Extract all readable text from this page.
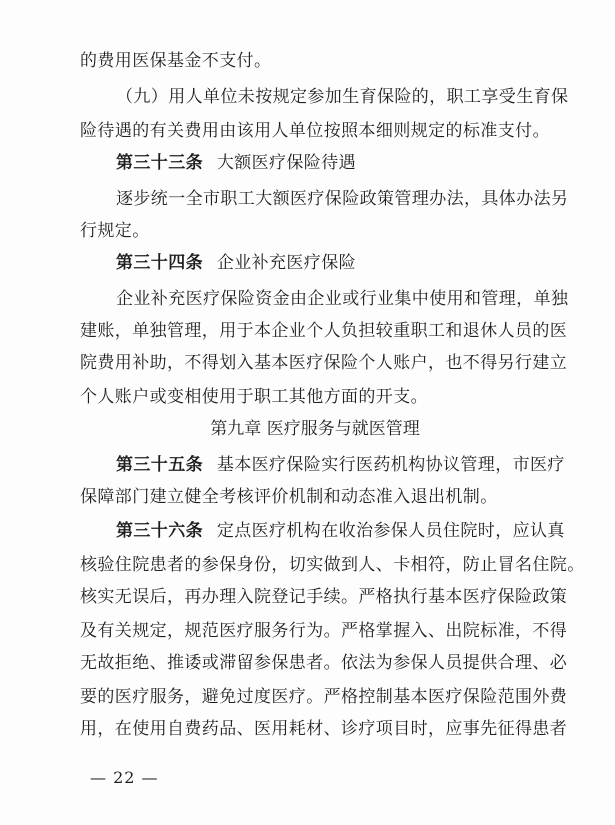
的费用医保基金不支付。
（九）用人单位未按规定参加生育保险的，职工享受生育保
险待遇的有关费用由该用人单位按照本细则规定的标准支付。
第三十三条 大额医疗保险待遇
逐步统一全市职工大额医疗保险政策管理办法，具体办法另
行规定。
第三十四条 企业补充医疗保险
企业补充医疗保险资金由企业或行业集中使用和管理，单独
建账，单独管理，用于本企业个人负担较重职工和退休人员的医
院费用补助，不得划入基本医疗保险个人账户，也不得另行建立
个人账户或变相使用于职工其他方面的开支。
第九章 医疗服务与就医管理
第三十五条 基本医疗保险实行医药机构协议管理，市医疗
保障部门建立健全考核评价机制和动态准入退出机制。
第三十六条 定点医疗机构在收治参保人员住院时，应认真
核验住院患者的参保身份，切实做到人、卡相符，防止冒名住院。
核实无误后，再办理入院登记手续。严格执行基本医疗保险政策
及有关规定，规范医疗服务行为。严格掌握入、出院标准，不得
无故拒绝、推诿或滞留参保患者。依法为参保人员提供合理、必
要的医疗服务，避免过度医疗。严格控制基本医疗保险范围外费
用，在使用自费药品、医用耗材、诊疗项目时，应事先征得患者
— 22 —
